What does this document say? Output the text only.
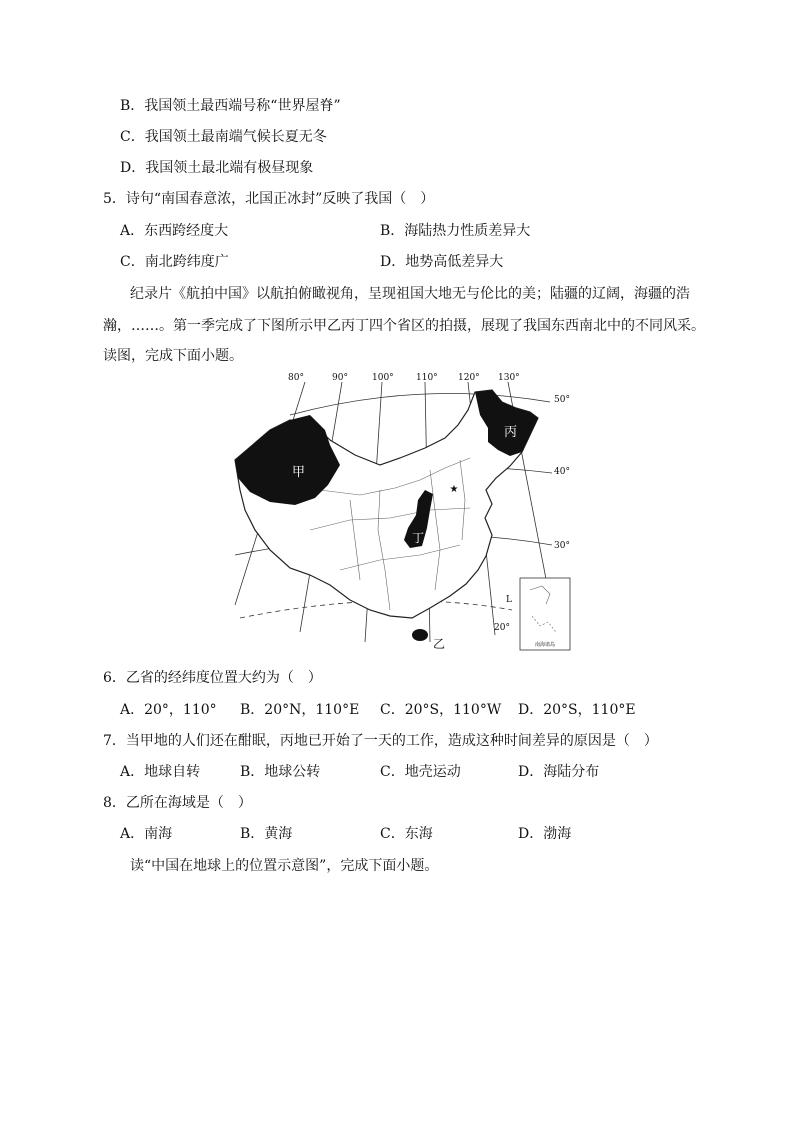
B．我国领土最西端号称“世界屋脊”
C．我国领土最南端气候长夏无冬
D．我国领土最北端有极昼现象
5．诗句“南国春意浓，北国正冰封”反映了我国（　）
A．东西跨经度大	B．海陆热力性质差异大
C．南北跨纬度广	D．地势高低差异大
纪录片《航拍中国》以航拍俯瞰视角，呈现祖国大地无与伦比的美；陆疆的辽阔，海疆的浩
瀚，……。第一季完成了下图所示甲乙丙丁四个省区的拍摄，展现了我国东西南北中的不同风采。
读图，完成下面小题。
★
甲
丙
丁
乙
80°	90°	100° 110° 120° 130°
50°
40°
30°
20°
L
南海诸岛
6．乙省的经纬度位置大约为（　）
A．20°，110° B．20°N，110°E C．20°S，110°W D．20°S，110°E
7．当甲地的人们还在酣眠，丙地已开始了一天的工作，造成这种时间差异的原因是（　）
A．地球自转	B．地球公转	C．地壳运动	D．海陆分布
8．乙所在海域是（　）
A．南海	B．黄海	C．东海	D．渤海
读“中国在地球上的位置示意图”，完成下面小题。
